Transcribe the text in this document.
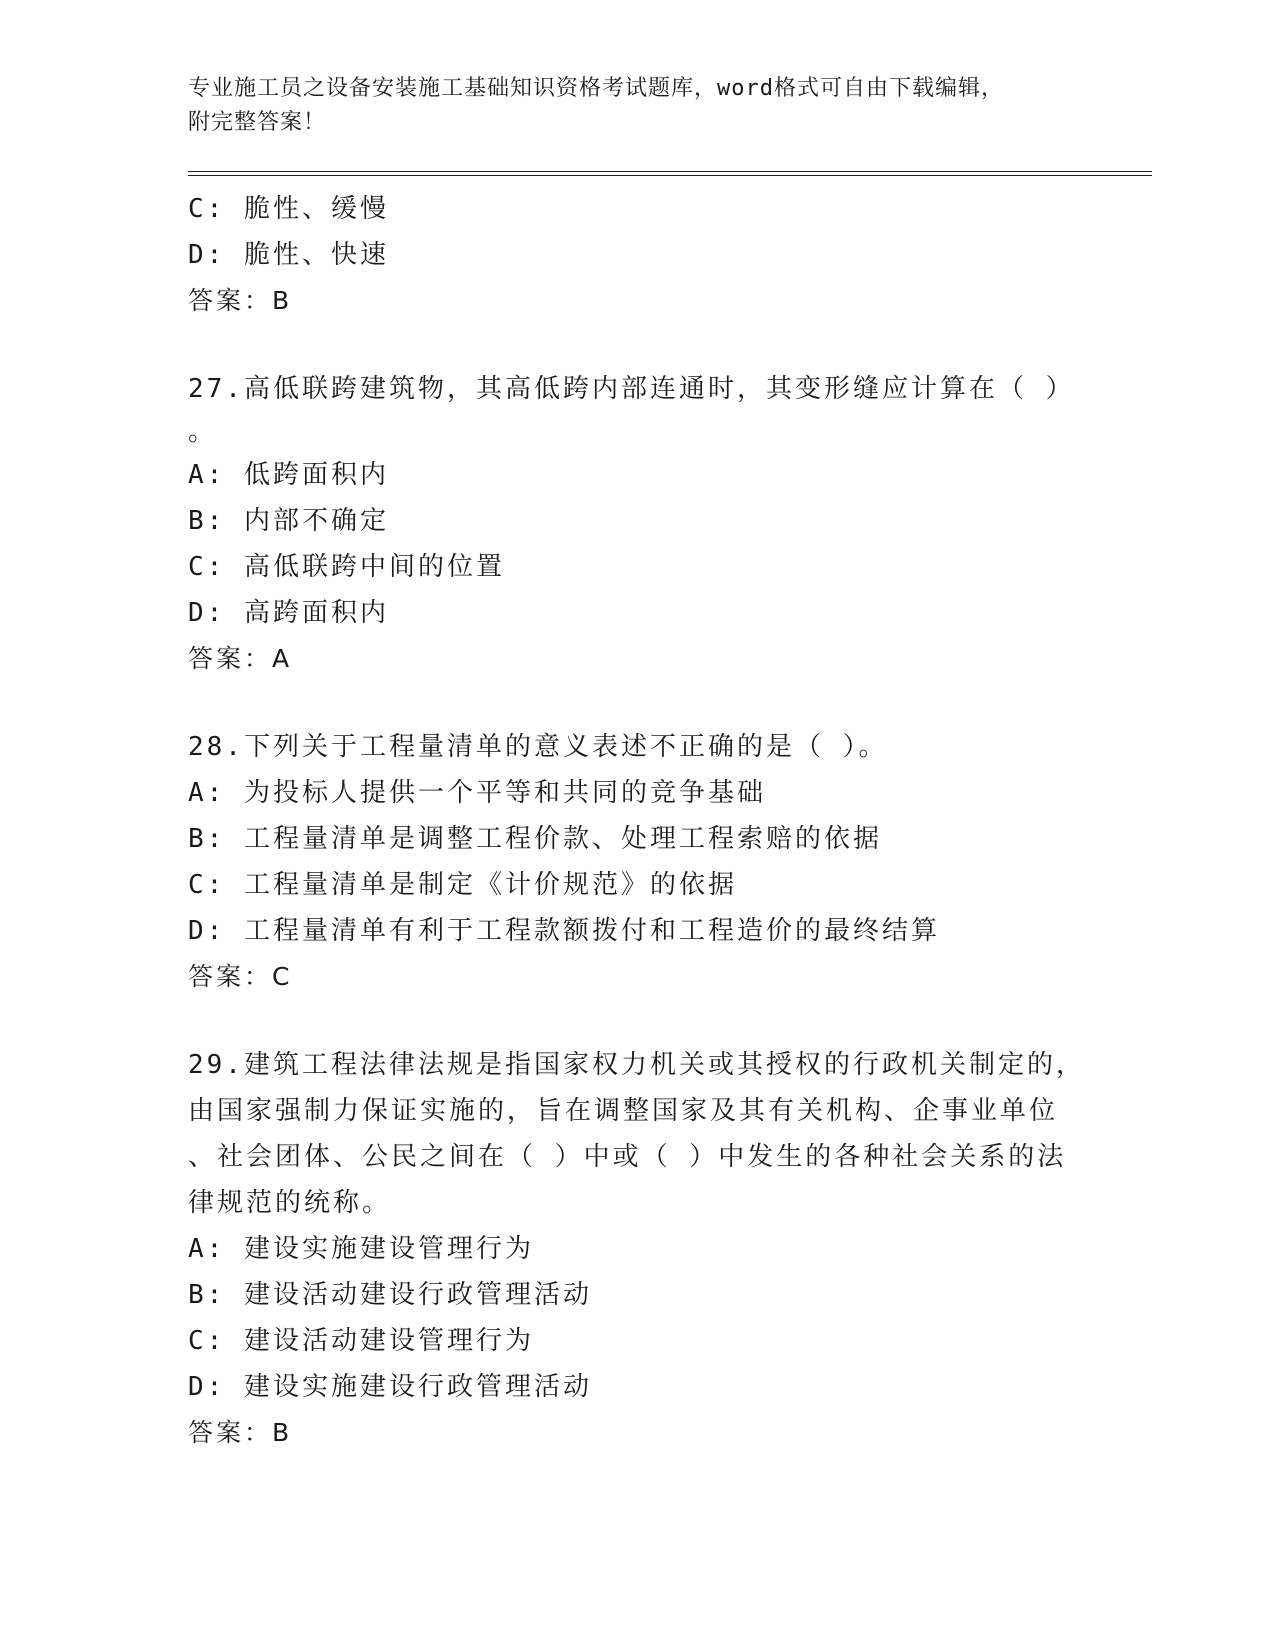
专业施工员之设备安装施工基础知识资格考试题库，word格式可自由下载编辑，
附完整答案！
C: 脆性、缓慢
D: 脆性、快速
答案：B
27.高低联跨建筑物，其高低跨内部连通时，其变形缝应计算在（ ）
。
A: 低跨面积内
B: 内部不确定
C: 高低联跨中间的位置
D: 高跨面积内
答案：A
28.下列关于工程量清单的意义表述不正确的是（ ）。
A: 为投标人提供一个平等和共同的竞争基础
B: 工程量清单是调整工程价款、处理工程索赔的依据
C: 工程量清单是制定《计价规范》的依据
D: 工程量清单有利于工程款额拨付和工程造价的最终结算
答案：C
29.建筑工程法律法规是指国家权力机关或其授权的行政机关制定的，
由国家强制力保证实施的，旨在调整国家及其有关机构、企事业单位
、社会团体、公民之间在（ ）中或（ ）中发生的各种社会关系的法
律规范的统称。
A: 建设实施建设管理行为
B: 建设活动建设行政管理活动
C: 建设活动建设管理行为
D: 建设实施建设行政管理活动
答案：B
